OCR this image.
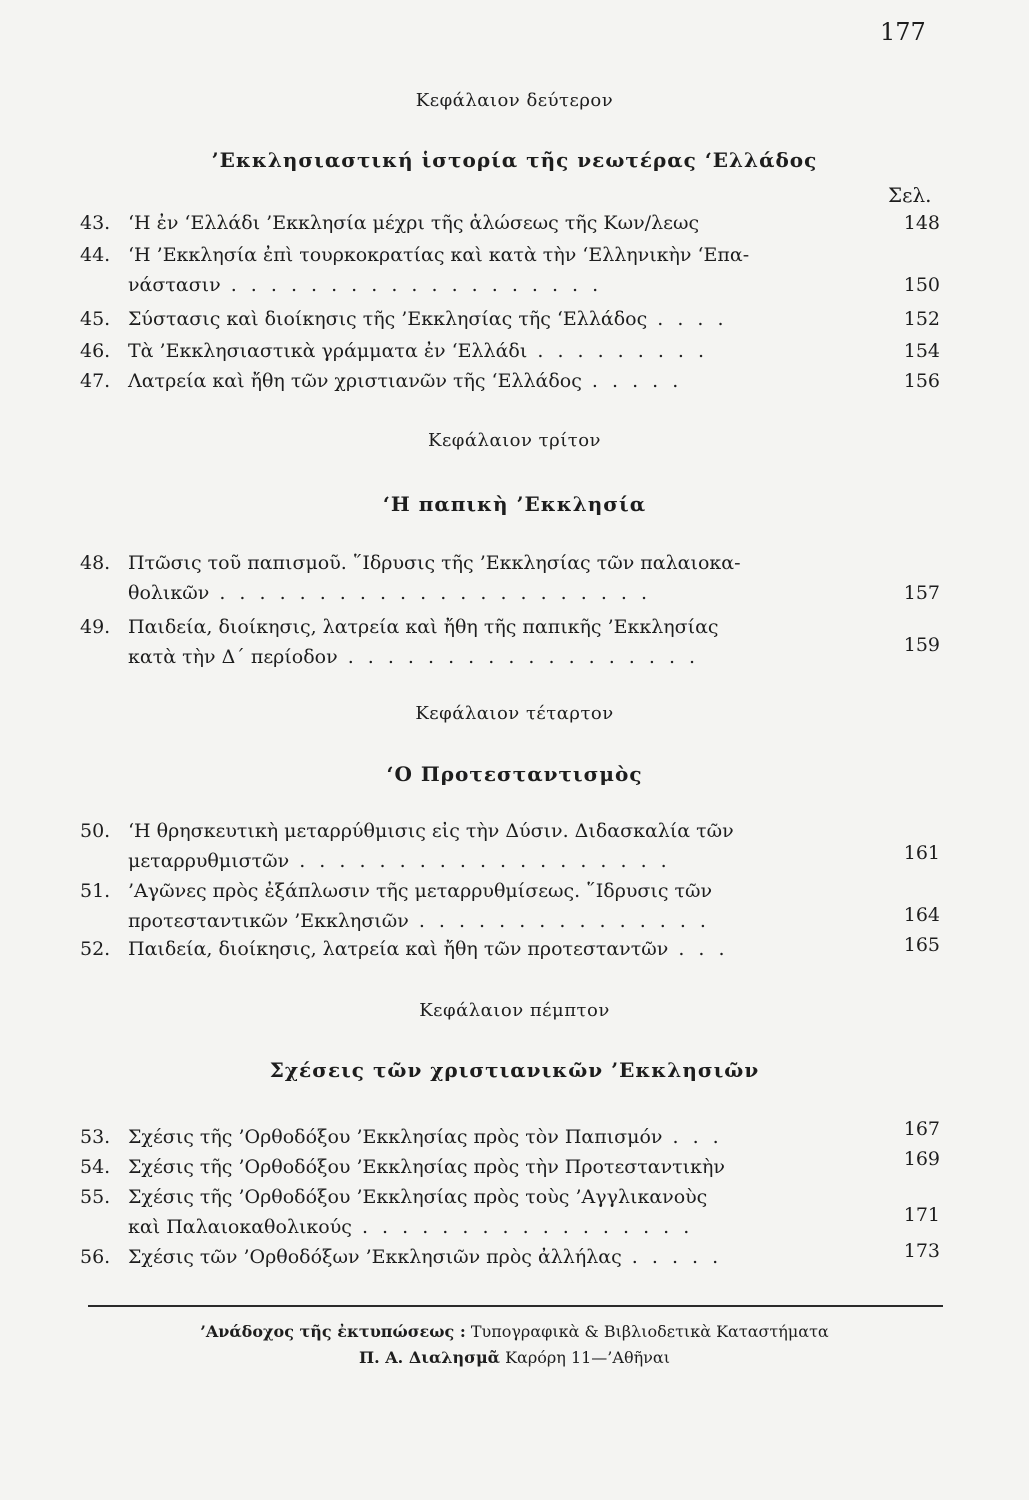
177
Κεφάλαιον δεύτερον
’Εκκλησιαστική ἱστορία τῆς νεωτέρας ‘Ελλάδος
Σελ.
43. ‘Η ἐν ‘Ελλάδι ’Εκκλησία μέχρι τῆς ἁλώσεως τῆς Κων/λεως	148
44. ‘Η ’Εκκλησία ἐπὶ τουρκοκρατίας καὶ κατὰ τὴν ‘Ελληνικὴν ‘Επα-
νάστασιν . . . . . . . . . . . . . . . . . . .	150
45. Σύστασις καὶ διοίκησις τῆς ’Εκκλησίας τῆς ‘Ελλάδος . . . .	152
46. Τὰ ’Εκκλησιαστικὰ γράμματα ἐν ‘Ελλάδι . . . . . . . . .	154
47. Λατρεία καὶ ἤθη τῶν χριστιανῶν τῆς ‘Ελλάδος . . . . .	156
Κεφάλαιον τρίτον
‘Η παπικὴ ’Εκκλησία
48. Πτῶσις τοῦ παπισμοῦ. ῞Ιδρυσις τῆς ’Εκκλησίας τῶν παλαιοκα-
θολικῶν . . . . . . . . . . . . . . . . . . . . . .	157
49. Παιδεία, διοίκησις, λατρεία καὶ ἤθη τῆς παπικῆς ’Εκκλησίας
κατὰ τὴν Δ΄ περίοδον . . . . . . . . . . . . . . . . . .
159
Κεφάλαιον τέταρτον
‘Ο Προτεσταντισμὸς
50. ‘Η θρησκευτικὴ μεταρρύθμισις εἰς τὴν Δύσιν. Διδασκαλία τῶν
μεταρρυθμιστῶν . . . . . . . . . . . . . . . . . . .	161
51. ’Αγῶνες πρὸς ἐξάπλωσιν τῆς μεταρρυθμίσεως. ῞Ιδρυσις τῶν
προτεσταντικῶν ’Εκκλησιῶν . . . . . . . . . . . . . . .	164
52. Παιδεία, διοίκησις, λατρεία καὶ ἤθη τῶν προτεσταντῶν . . .	165
Κεφάλαιον πέμπτον
Σχέσεις τῶν χριστιανικῶν ’Εκκλησιῶν
53. Σχέσις τῆς ’Ορθοδόξου ’Εκκλησίας πρὸς τὸν Παπισμόν . . .	167
54. Σχέσις τῆς ’Ορθοδόξου ’Εκκλησίας πρὸς τὴν Προτεσταντικὴν	169
55. Σχέσις τῆς ’Ορθοδόξου ’Εκκλησίας πρὸς τοὺς ’Αγγλικανοὺς
καὶ Παλαιοκαθολικούς . . . . . . . . . . . . . . . . .
171
56. Σχέσις τῶν ’Ορθοδόξων ’Εκκλησιῶν πρὸς ἀλλήλας . . . . .	173
’Ανάδοχος τῆς ἐκτυπώσεως : Τυπογραφικὰ & Βιβλιοδετικὰ Καταστήματα
Π. Α. Διαλησμᾶ Καρόρη 11—’Αθῆναι
